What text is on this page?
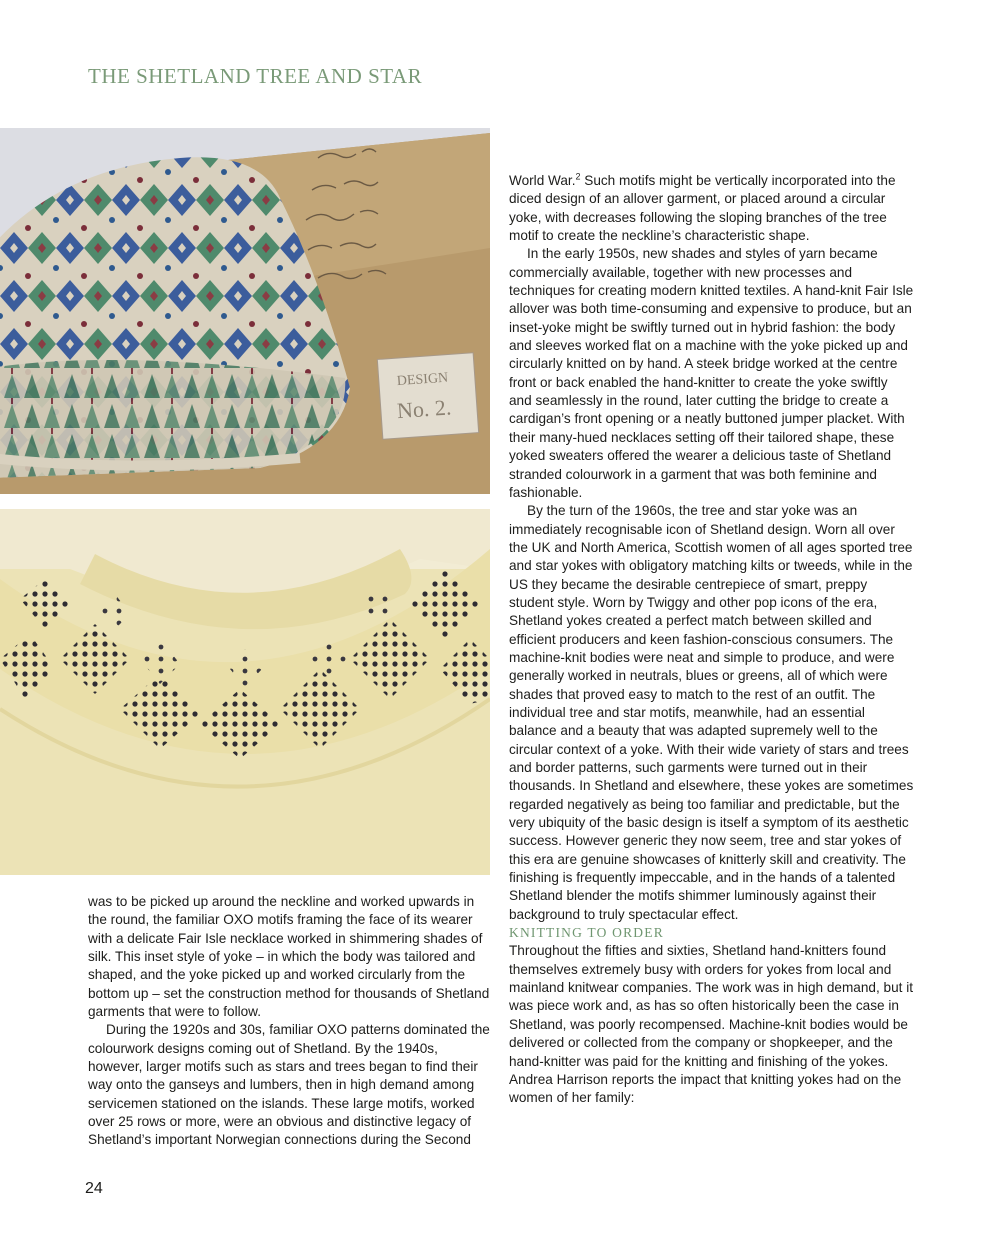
THE SHETLAND TREE AND STAR
DESIGN
No. 2.

was to be picked up around the neckline and worked upwards in the round, the familiar OXO motifs framing the face of its wearer with a delicate Fair Isle necklace worked in shimmering shades of silk. This inset style of yoke – in which the body was tailored and shaped, and the yoke picked up and worked circularly from the bottom up – set the construction method for thousands of Shetland garments that were to follow.

During the 1920s and 30s, familiar OXO patterns dominated the colourwork designs coming out of Shetland. By the 1940s, however, larger motifs such as stars and trees began to find their way onto the ganseys and lumbers, then in high demand among servicemen stationed on the islands. These large motifs, worked over 25 rows or more, were an obvious and distinctive legacy of Shetland’s important Norwegian connections during the Second

World War.$^2$ Such motifs might be vertically incorporated into the diced design of an allover garment, or placed around a circular yoke, with decreases following the sloping branches of the tree motif to create the neckline’s characteristic shape.

In the early 1950s, new shades and styles of yarn became commercially available, together with new processes and techniques for creating modern knitted textiles. A hand-knit Fair Isle allover was both time-consuming and expensive to produce, but an inset-yoke might be swiftly turned out in hybrid fashion: the body and sleeves worked flat on a machine with the yoke picked up and circularly knitted on by hand. A steek bridge worked at the centre front or back enabled the hand-knitter to create the yoke swiftly and seamlessly in the round, later cutting the bridge to create a cardigan’s front opening or a neatly buttoned jumper placket. With their many-hued necklaces setting off their tailored shape, these yoked sweaters offered the wearer a delicious taste of Shetland stranded colourwork in a garment that was both feminine and fashionable.

By the turn of the 1960s, the tree and star yoke was an immediately recognisable icon of Shetland design. Worn all over the UK and North America, Scottish women of all ages sported tree and star yokes with obligatory matching kilts or tweeds, while in the US they became the desirable centrepiece of smart, preppy student style. Worn by Twiggy and other pop icons of the era, Shetland yokes created a perfect match between skilled and efficient producers and keen fashion-conscious consumers. The machine-knit bodies were neat and simple to produce, and were generally worked in neutrals, blues or greens, all of which were shades that proved easy to match to the rest of an outfit. The individual tree and star motifs, meanwhile, had an essential balance and a beauty that was adapted supremely well to the circular context of a yoke. With their wide variety of stars and trees and border patterns, such garments were turned out in their thousands. In Shetland and elsewhere, these yokes are sometimes regarded negatively as being too familiar and predictable, but the very ubiquity of the basic design is itself a symptom of its aesthetic success. However generic they now seem, tree and star yokes of this era are genuine showcases of knitterly skill and creativity. The finishing is frequently impeccable, and in the hands of a talented Shetland blender the motifs shimmer luminously against their background to truly spectacular effect.

KNITTING TO ORDER

Throughout the fifties and sixties, Shetland hand-knitters found themselves extremely busy with orders for yokes from local and mainland knitwear companies. The work was in high demand, but it was piece work and, as has so often historically been the case in Shetland, was poorly recompensed. Machine-knit bodies would be delivered or collected from the company or shopkeeper, and the hand-knitter was paid for the knitting and finishing of the yokes. Andrea Harrison reports the impact that knitting yokes had on the women of her family:

24
